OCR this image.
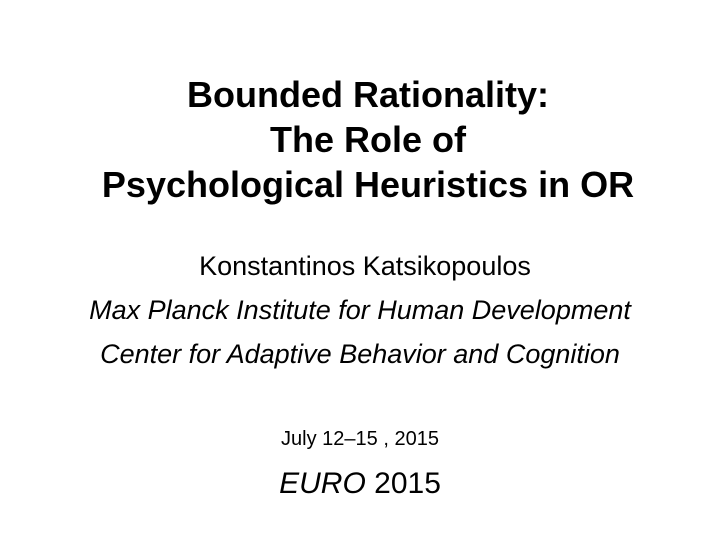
Bounded Rationality:
The Role of
Psychological Heuristics in OR
Konstantinos Katsikopoulos
Max Planck Institute for Human Development
Center for Adaptive Behavior and Cognition
July 12–15 , 2015
EURO 2015
